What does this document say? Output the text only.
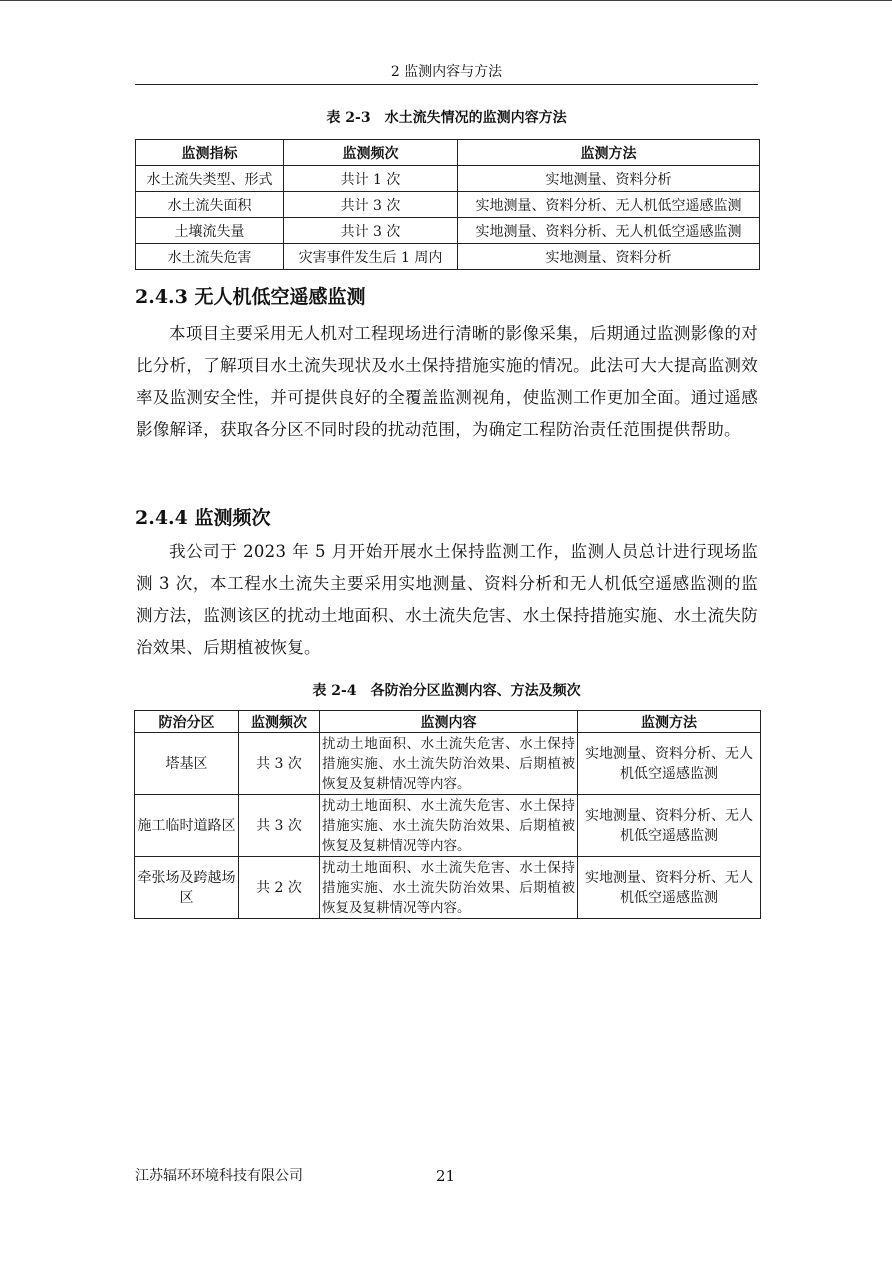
2 监测内容与方法
表 2-3 水土流失情况的监测内容方法
监测指标	监测频次	监测方法
水土流失类型、形式	共计 1 次	实地测量、资料分析
水土流失面积	共计 3 次	实地测量、资料分析、无人机低空遥感监测
土壤流失量	共计 3 次	实地测量、资料分析、无人机低空遥感监测
水土流失危害	灾害事件发生后 1 周内	实地测量、资料分析
2.4.3 无人机低空遥感监测

本项目主要采用无人机对工程现场进行清晰的影像采集，后期通过监测影像的对比分析，了解项目水土流失现状及水土保持措施实施的情况。此法可大大提高监测效率及监测安全性，并可提供良好的全覆盖监测视角，使监测工作更加全面。通过遥感影像解译，获取各分区不同时段的扰动范围，为确定工程防治责任范围提供帮助。

2.4.4 监测频次

我公司于 2023 年 5 月开始开展水土保持监测工作，监测人员总计进行现场监测 3 次，本工程水土流失主要采用实地测量、资料分析和无人机低空遥感监测的监测方法，监测该区的扰动土地面积、水土流失危害、水土保持措施实施、水土流失防治效果、后期植被恢复。

表 2-4 各防治分区监测内容、方法及频次
防治分区	监测频次	监测内容	监测方法
塔基区	共 3 次	扰动土地面积、水土流失危害、水土保持措施实施、水土流失防治效果、后期植被恢复及复耕情况等内容。	实地测量、资料分析、无人机低空遥感监测
施工临时道路区	共 3 次	扰动土地面积、水土流失危害、水土保持措施实施、水土流失防治效果、后期植被恢复及复耕情况等内容。	实地测量、资料分析、无人机低空遥感监测
牵张场及跨越场区	共 2 次	扰动土地面积、水土流失危害、水土保持措施实施、水土流失防治效果、后期植被恢复及复耕情况等内容。	实地测量、资料分析、无人机低空遥感监测
江苏辐环环境科技有限公司	21
